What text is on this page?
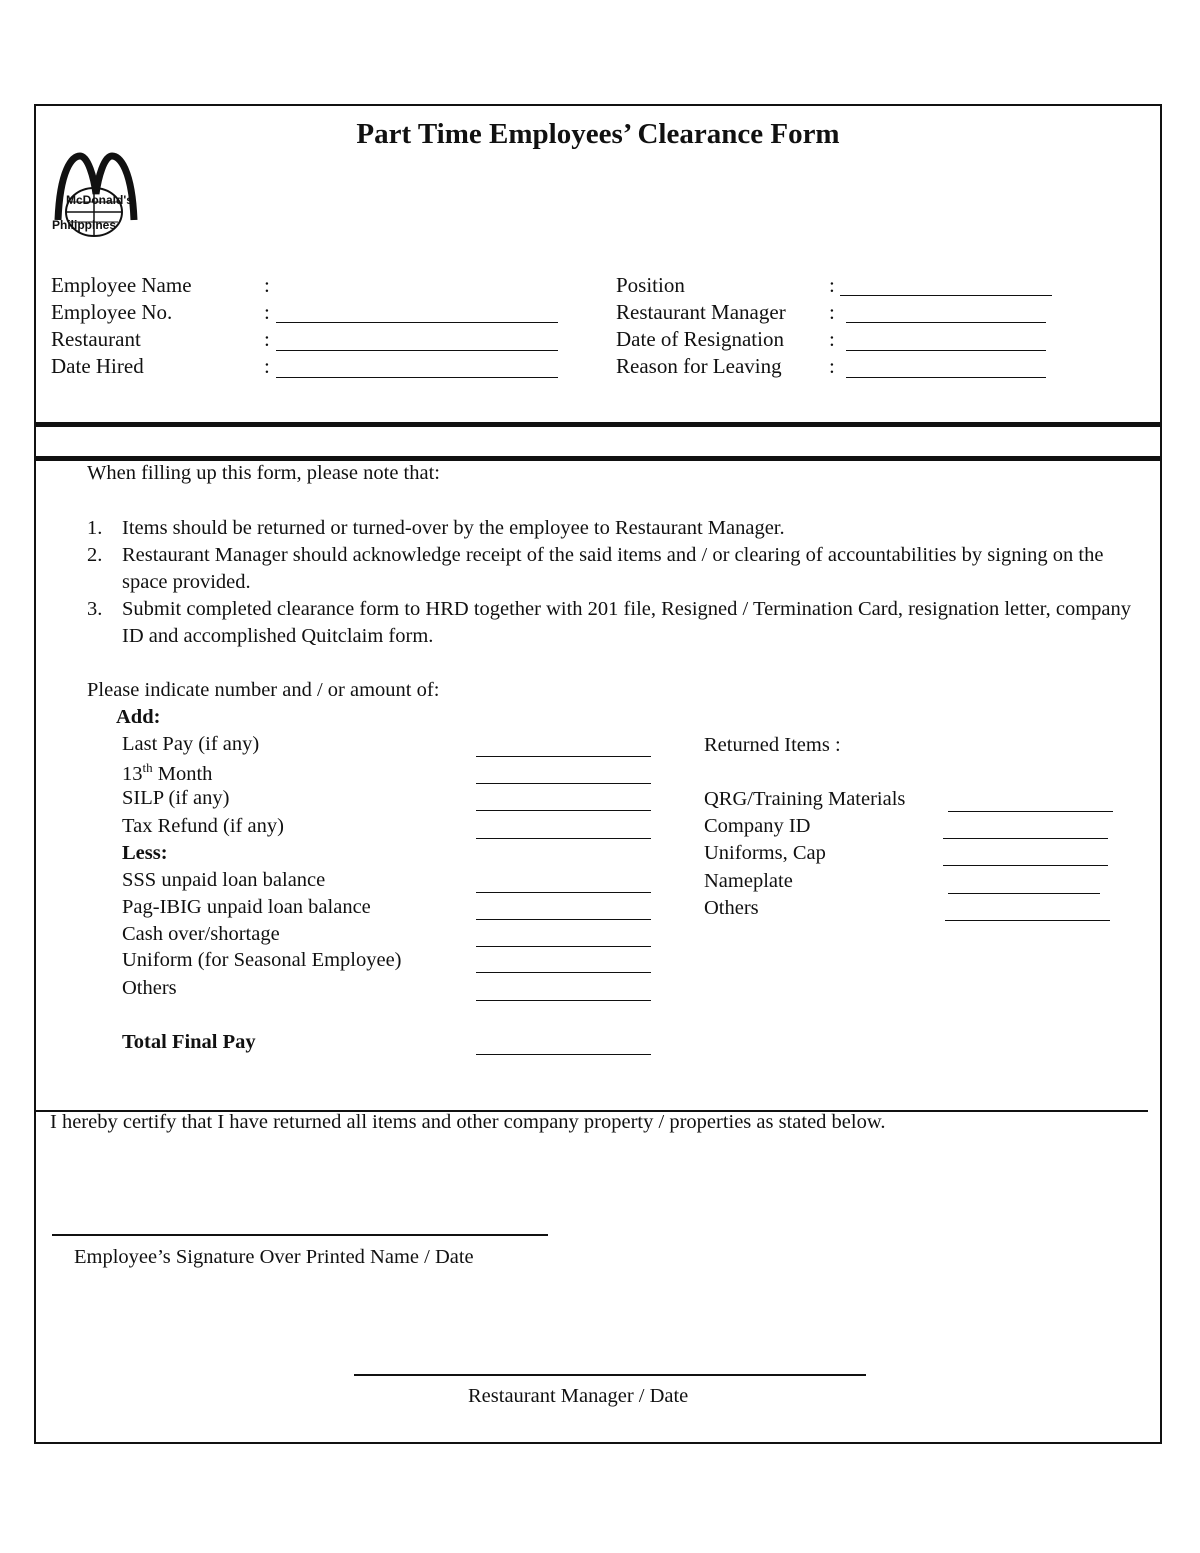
Part Time Employees’ Clearance Form
McDonald's
Philippines
Employee Name	:
Employee No.	:
Restaurant	:
Date Hired	:
Position	:
Restaurant Manager :
Date of Resignation :
Reason for Leaving :
When filling up this form, please note that:
1. Items should be returned or turned-over by the employee to Restaurant Manager.
2. Restaurant Manager should acknowledge receipt of the said items and / or clearing of accountabilities by signing on the space provided.
3. Submit completed clearance form to HRD together with 201 file, Resigned / Termination Card, resignation letter, company ID and accomplished Quitclaim form.
Please indicate number and / or amount of:
Add:
Last Pay (if any)
13th Month
SILP (if any)
Tax Refund (if any)
Less:
SSS unpaid loan balance
Pag-IBIG unpaid loan balance
Cash over/shortage
Uniform (for Seasonal Employee)
Others
Total Final Pay
Returned Items :
QRG/Training Materials
Company ID
Uniforms, Cap
Nameplate
Others
I hereby certify that I have returned all items and other company property / properties as stated below.
Employee’s Signature Over Printed Name / Date
Restaurant Manager / Date
